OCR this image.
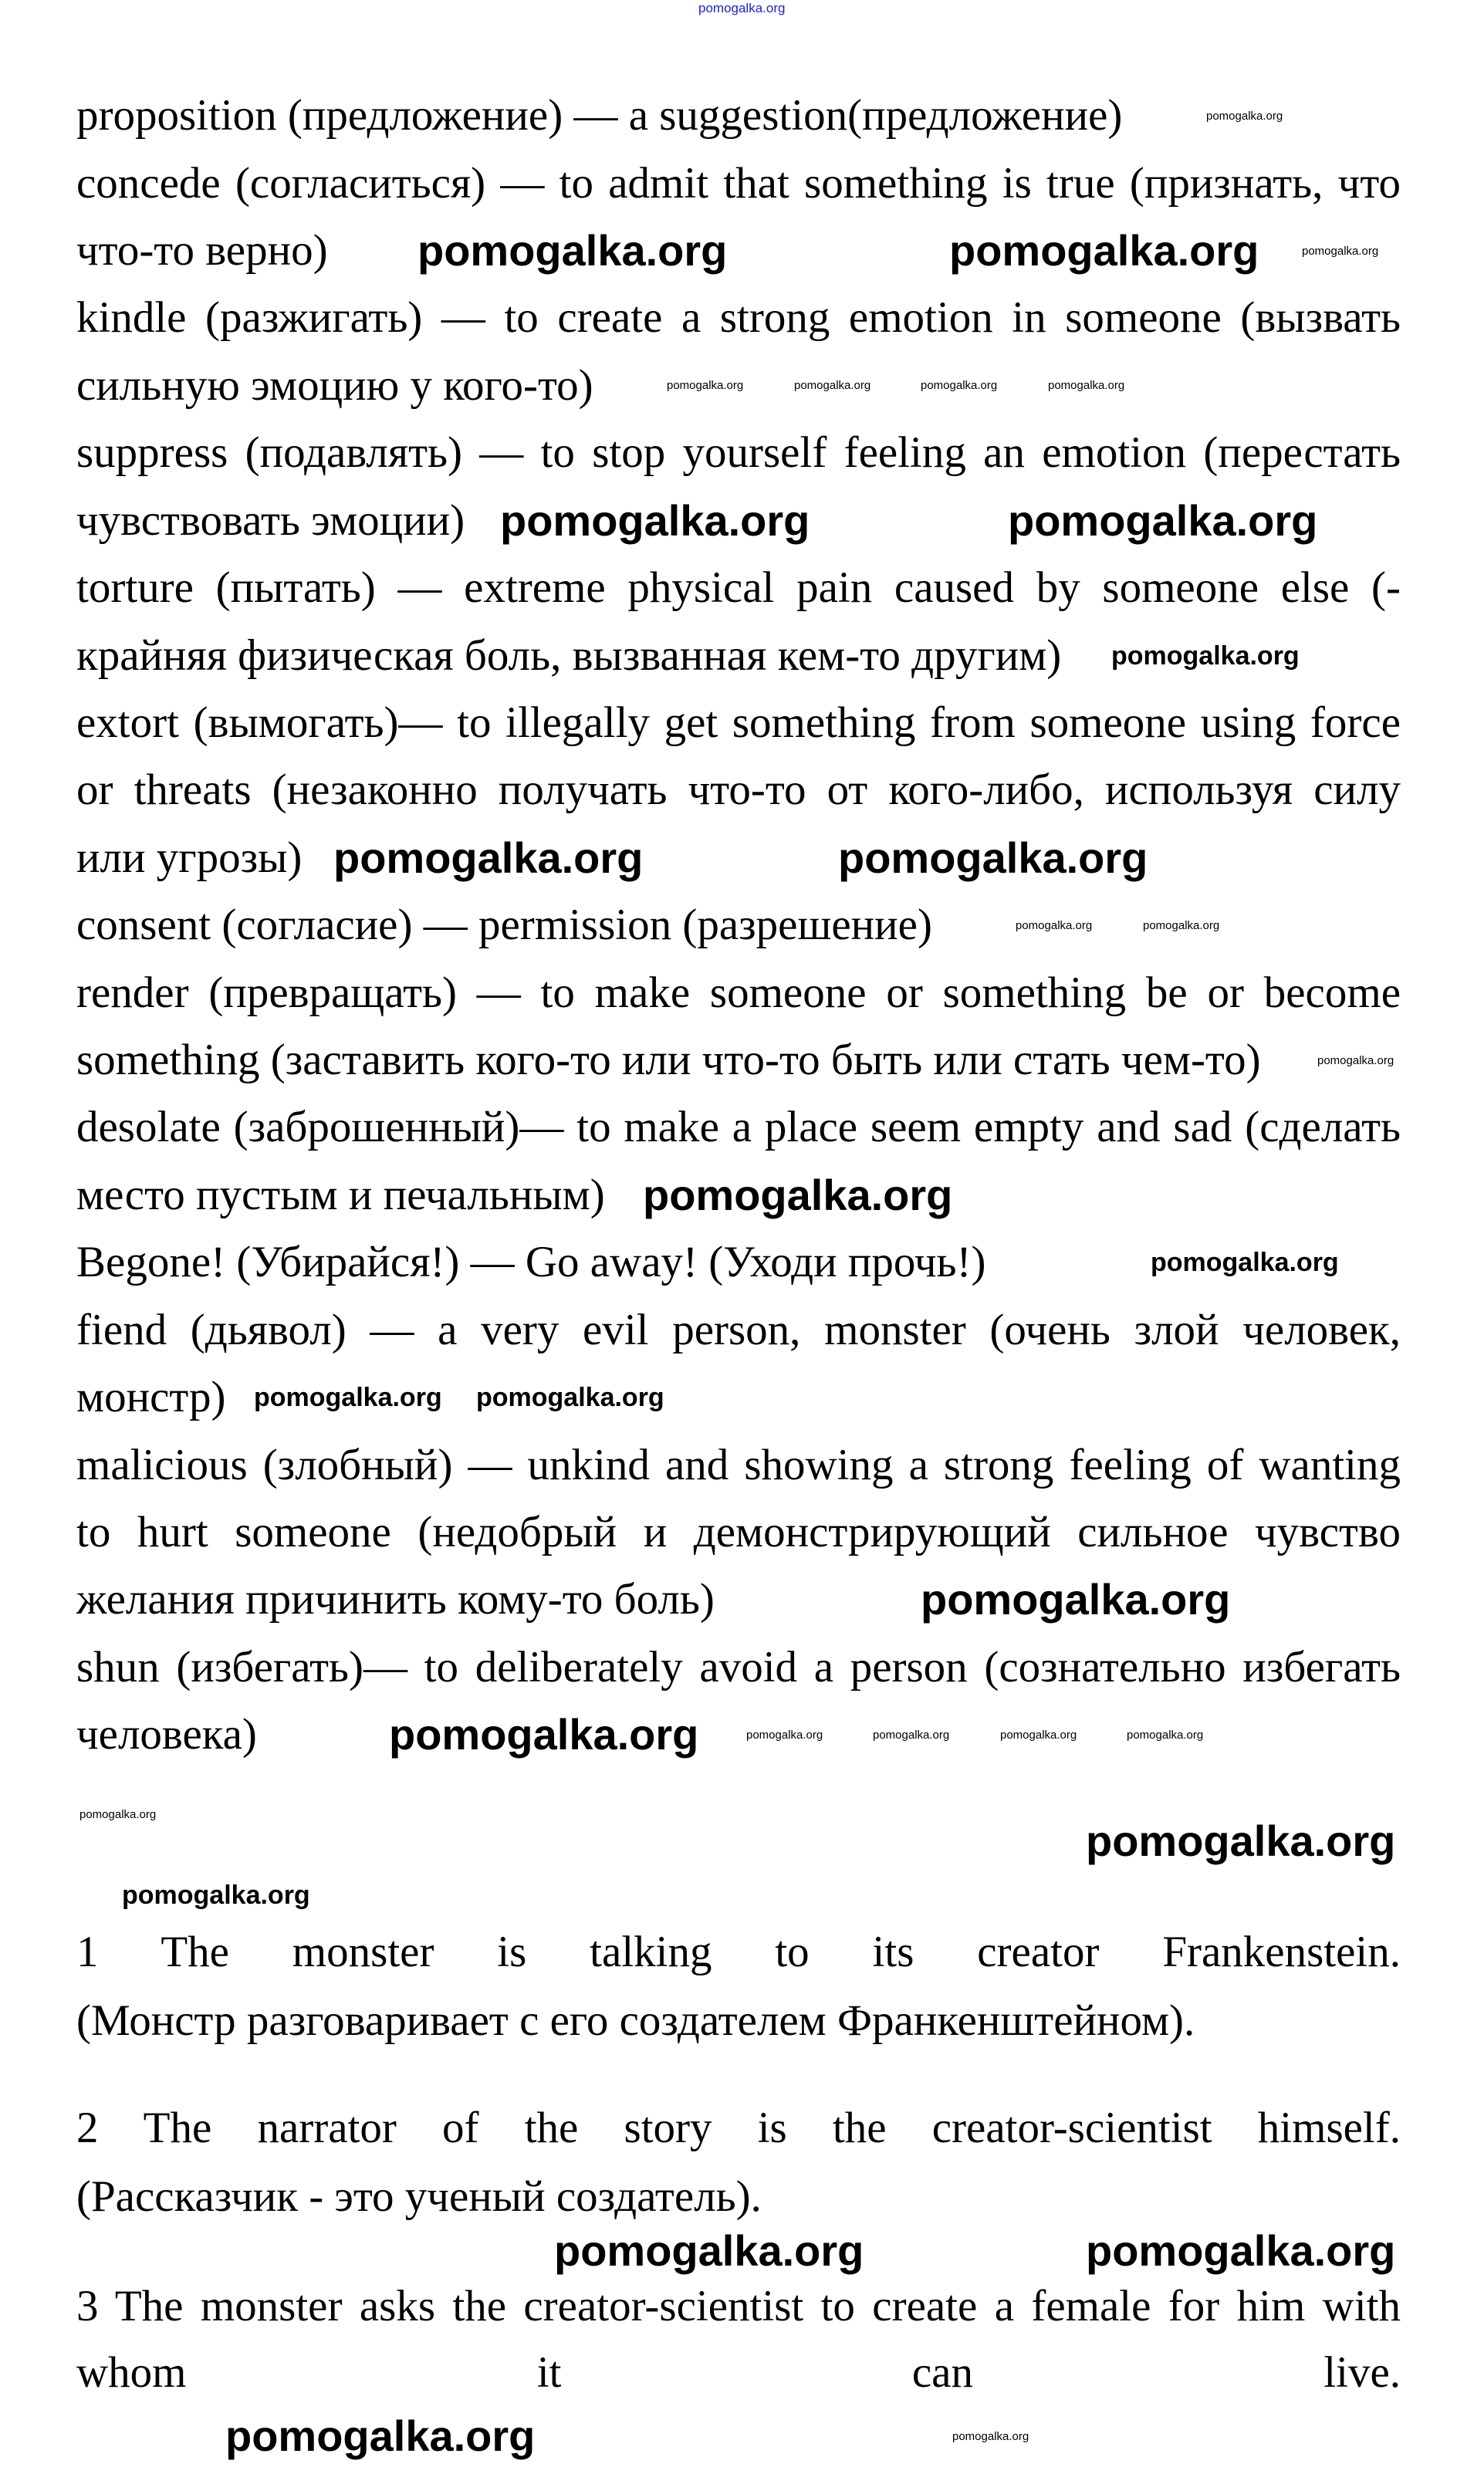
proposition (предложение) — a suggestion(предложение)
concede (согласиться) — to admit that something is true (признать, что
что-то верно)
kindle (разжигать) — to create a strong emotion in someone (вызвать
сильную эмоцию у кого-то)
suppress (подавлять) — to stop yourself feeling an emotion (перестать
чувствовать эмоции)
torture (пытать) — extreme physical pain caused by someone else (-
крайняя физическая боль, вызванная кем-то другим)
extort (вымогать)— to illegally get something from someone using force
or threats (незаконно получать что-то от кого-либо, используя силу
или угрозы)
consent (согласие) — permission (разрешение)
render (превращать) — to make someone or something be or become
something (заставить кого-то или что-то быть или стать чем-то)
desolate (заброшенный)— to make a place seem empty and sad (сделать
место пустым и печальным)
Begone! (Убирайся!) — Go away! (Уходи прочь!)
fiend (дьявол) — a very evil person, monster (очень злой человек,
монстр)
malicious (злобный) — unkind and showing a strong feeling of wanting
to hurt someone (недобрый и демонстрирующий сильное чувство
желания причинить кому-то боль)
shun (избегать)— to deliberately avoid a person (сознательно избегать
человека)
1 The monster is talking to its creator Frankenstein.
(Монстр разговаривает с его создателем Франкенштейном).
2 The narrator of the story is the creator-scientist himself.
(Рассказчик - это ученый создатель).
3 The monster asks the creator-scientist to create a female for him with
whom it can live.
pomogalka.org
pomogalka.org	pomogalka.org
pomogalka.org	pomogalka.org
pomogalka.org	pomogalka.org
pomogalka.org
pomogalka.org
pomogalka.org
pomogalka.org
pomogalka.org	pomogalka.org
pomogalka.org
pomogalka.org
pomogalka.org
pomogalka.org
pomogalka.org
pomogalka.org
pomogalka.org
pomogalka.org
pomogalka.org	pomogalka.org	pomogalka.org	pomogalka.org
pomogalka.org	pomogalka.org
pomogalka.org
pomogalka.org	pomogalka.org	pomogalka.org	pomogalka.org
pomogalka.org
pomogalka.org
